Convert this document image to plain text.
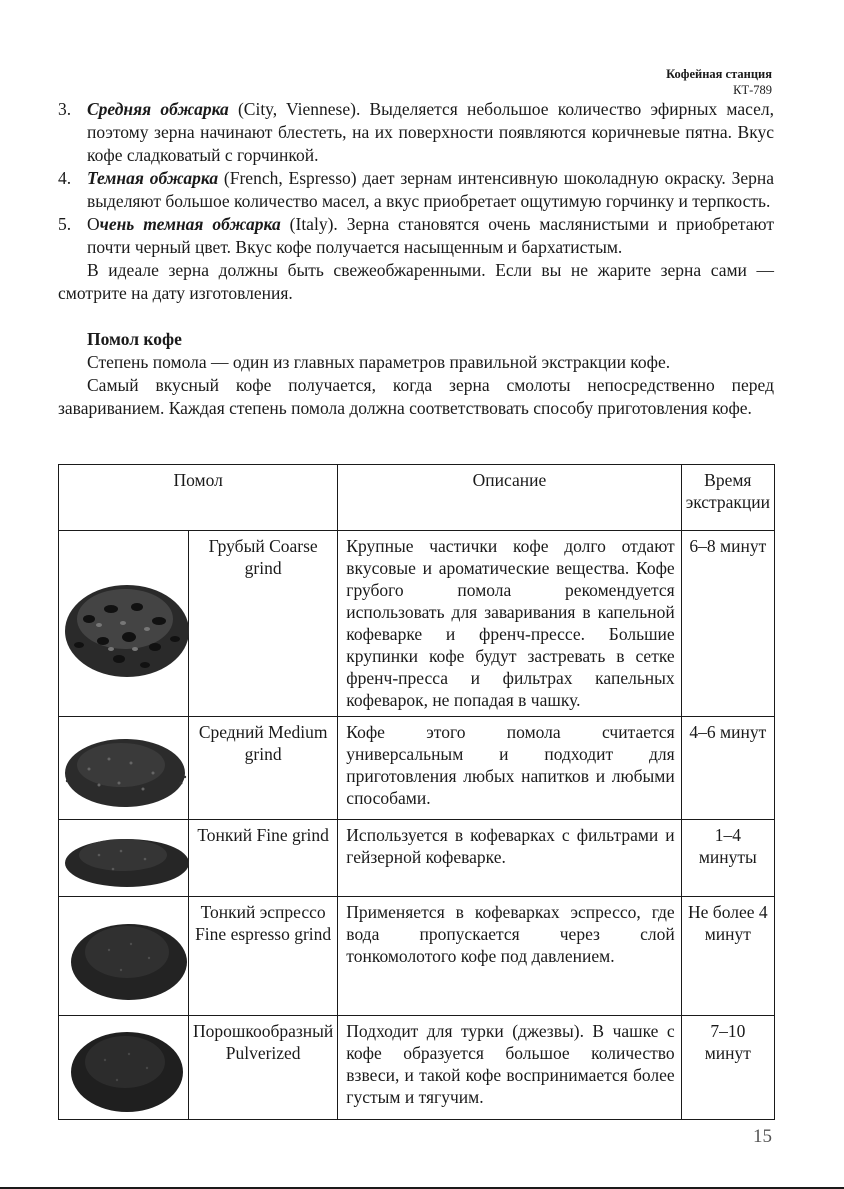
Кофейная станция
КТ-789

3. Средняя обжарка (City, Viennese). Выделяется небольшое количество эфирных масел, поэтому зерна начинают блестеть, на их поверхности появляются коричневые пятна. Вкус кофе сладковатый с горчинкой.

4. Темная обжарка (French, Espresso) дает зернам интенсивную шоколадную окраску. Зерна выделяют большое количество масел, а вкус приобретает ощутимую горчинку и терпкость.

5. Очень темная обжарка (Italy). Зерна становятся очень маслянистыми и приобретают почти черный цвет. Вкус кофе получается насыщенным и бархатистым.

В идеале зерна должны быть свежеобжаренными. Если вы не жарите зерна сами — смотрите на дату изготовления.

Помол кофе

Степень помола — один из главных параметров правильной экстракции кофе.

Самый вкусный кофе получается, когда зерна смолоты непосредственно перед завариванием. Каждая степень помола должна соответствовать способу приготовления кофе.

Помол		Описание	Время экстракции

	Грубый Coarse grind	Крупные частички кофе долго отдают вкусовые и ароматические вещества. Кофе грубого помола рекомендуется использовать для заваривания в капельной кофеварке и френч-прессе. Большие крупинки кофе будут застревать в сетке френч-пресса и фильтрах капельных кофеварок, не попадая в чашку.	6–8 минут

	Средний Medium grind	Кофе этого помола считается универсальным и подходит для приготовления любых напитков и любыми способами.	4–6 минут

	Тонкий Fine grind	Используется в кофеварках с фильтрами и гейзерной кофеварке.	1–4 минуты

	Тонкий эспрессо Fine espresso grind	Применяется в кофеварках эспрессо, где вода пропускается через слой тонкомолотого кофе под давлением.	Не более 4 минут

	Порошкообразный Pulverized	Подходит для турки (джезвы). В чашке с кофе образуется большое количество взвеси, и такой кофе воспринимается более густым и тягучим.	7–10 минут
15
